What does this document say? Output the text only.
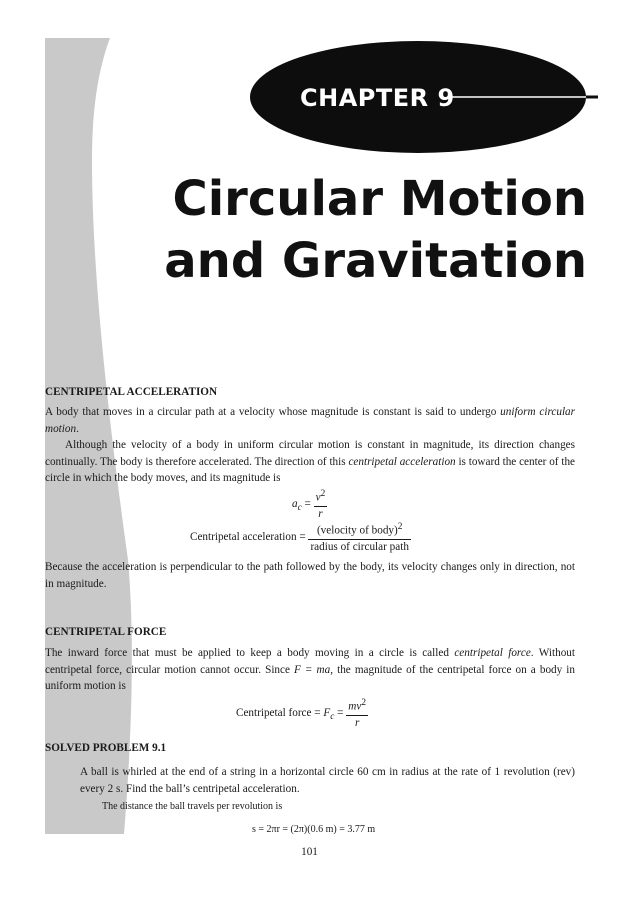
CHAPTER 9
Circular Motion
and Gravitation
CENTRIPETAL ACCELERATION

A body that moves in a circular path at a velocity whose magnitude is constant is said to undergo uniform circular motion.

Although the velocity of a body in uniform circular motion is constant in magnitude, its direction changes continually. The body is therefore accelerated. The direction of this centripetal acceleration is toward the center of the circle in which the body moves, and its magnitude is

$a_c = \frac{v^2}{r}$
Centripetal acceleration = $\frac{(velocity of body)^2}{\text{radius of circular path}}$

Because the acceleration is perpendicular to the path followed by the body, its velocity changes only in direction, not in magnitude.

CENTRIPETAL FORCE

The inward force that must be applied to keep a body moving in a circle is called centripetal force. Without centripetal force, circular motion cannot occur. Since F = ma, the magnitude of the centripetal force on a body in uniform motion is

Centripetal force = $F_c = \frac{mv^2}{r}$
SOLVED PROBLEM 9.1

A ball is whirled at the end of a string in a horizontal circle 60 cm in radius at the rate of 1 revolution (rev) every 2 s. Find the ball’s centripetal acceleration.

The distance the ball travels per revolution is
s = 2πr = (2π)(0.6 m) = 3.77 m
101
